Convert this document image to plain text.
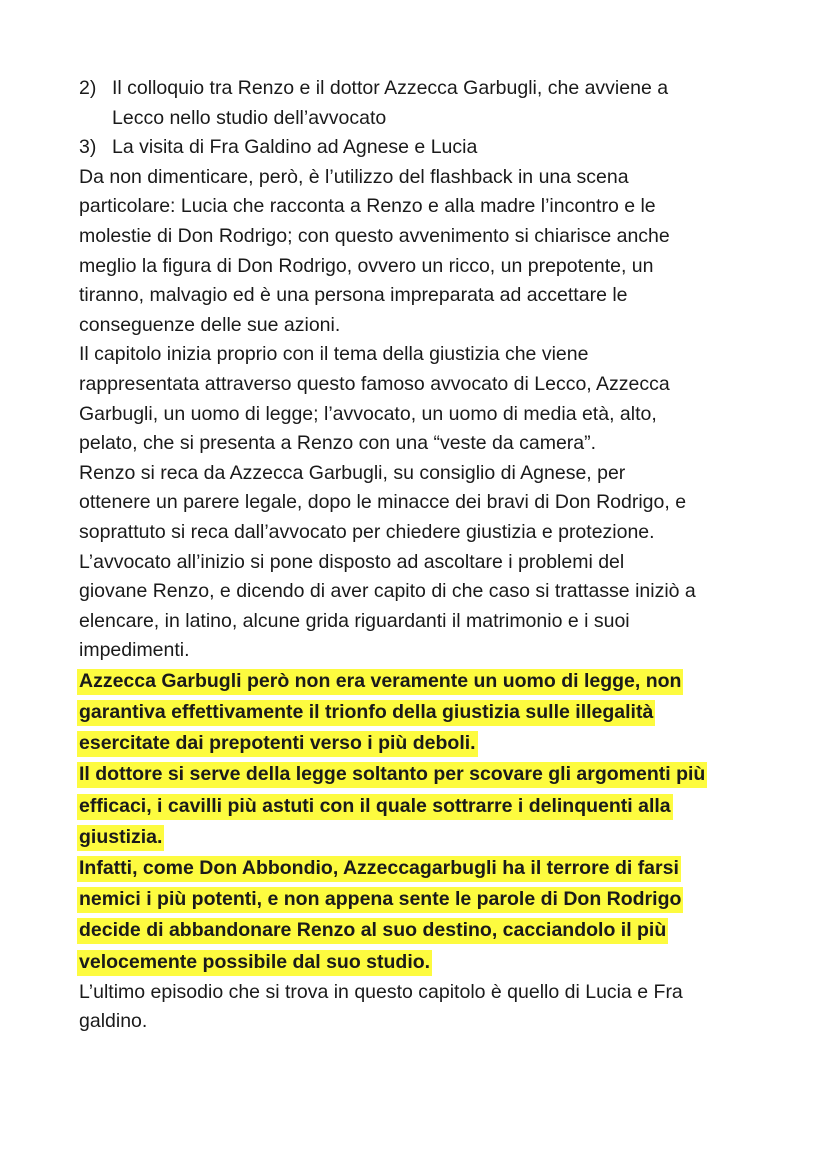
2) Il colloquio tra Renzo e il dottor Azzecca Garbugli, che avviene a
Lecco nello studio dell’avvocato
3) La visita di Fra Galdino ad Agnese e Lucia
Da non dimenticare, però, è l’utilizzo del flashback in una scena
particolare: Lucia che racconta a Renzo e alla madre l’incontro e le
molestie di Don Rodrigo; con questo avvenimento si chiarisce anche
meglio la figura di Don Rodrigo, ovvero un ricco, un prepotente, un
tiranno, malvagio ed è una persona impreparata ad accettare le
conseguenze delle sue azioni.
Il capitolo inizia proprio con il tema della giustizia che viene
rappresentata attraverso questo famoso avvocato di Lecco, Azzecca
Garbugli, un uomo di legge; l’avvocato, un uomo di media età, alto,
pelato, che si presenta a Renzo con una “veste da camera”.
Renzo si reca da Azzecca Garbugli, su consiglio di Agnese, per
ottenere un parere legale, dopo le minacce dei bravi di Don Rodrigo, e
soprattuto si reca dall’avvocato per chiedere giustizia e protezione.
L’avvocato all’inizio si pone disposto ad ascoltare i problemi del
giovane Renzo, e dicendo di aver capito di che caso si trattasse iniziò a
elencare, in latino, alcune grida riguardanti il matrimonio e i suoi
impedimenti.
Azzecca Garbugli però non era veramente un uomo di legge, non
garantiva effettivamente il trionfo della giustizia sulle illegalità
esercitate dai prepotenti verso i più deboli.
Il dottore si serve della legge soltanto per scovare gli argomenti più
efficaci, i cavilli più astuti con il quale sottrarre i delinquenti alla
giustizia.
Infatti, come Don Abbondio, Azzeccagarbugli ha il terrore di farsi
nemici i più potenti, e non appena sente le parole di Don Rodrigo
decide di abbandonare Renzo al suo destino, cacciandolo il più
velocemente possibile dal suo studio.
L’ultimo episodio che si trova in questo capitolo è quello di Lucia e Fra
galdino.
